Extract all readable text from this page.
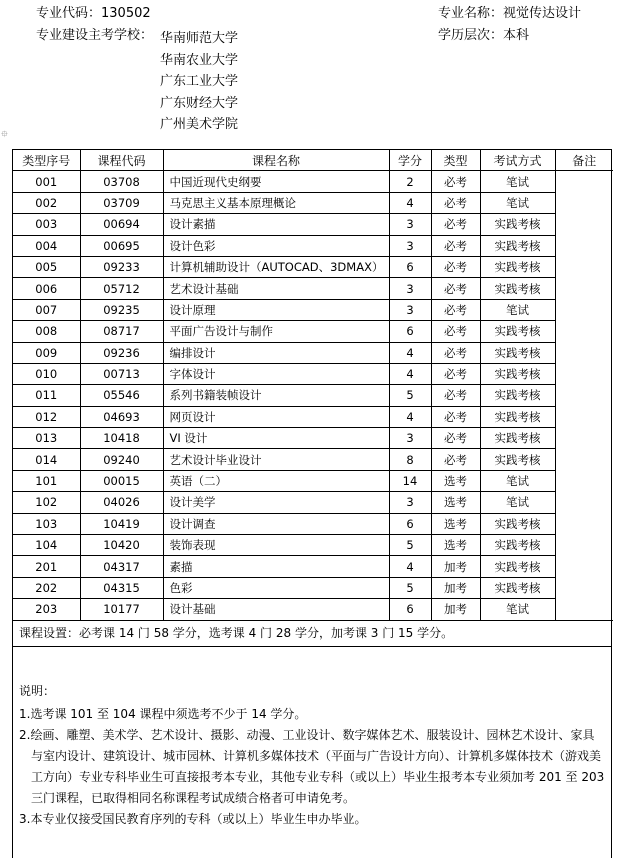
专业代码：130502	专业名称：视觉传达设计
专业建设主考学校：	学历层次：本科
华南师范大学
华南农业大学
广东工业大学
广东财经大学
广州美术学院
⯐
类型序号	课程代码	课程名称	学分	类型	考试方式	备注
001	03708	中国近现代史纲要	2	必考	笔试	
002	03709	马克思主义基本原理概论	4	必考	笔试	
003	00694	设计素描	3	必考	实践考核	
004	00695	设计色彩	3	必考	实践考核	
005	09233	计算机辅助设计（AUTOCAD、3DMAX）	6	必考	实践考核	
006	05712	艺术设计基础	3	必考	实践考核	
007	09235	设计原理	3	必考	笔试	
008	08717	平面广告设计与制作	6	必考	实践考核	
009	09236	编排设计	4	必考	实践考核	
010	00713	字体设计	4	必考	实践考核	
011	05546	系列书籍装帧设计	5	必考	实践考核	
012	04693	网页设计	4	必考	实践考核	
013	10418	VI 设计	3	必考	实践考核	
014	09240	艺术设计毕业设计	8	必考	实践考核	
101	00015	英语（二）	14	选考	笔试	
102	04026	设计美学	3	选考	笔试	
103	10419	设计调查	6	选考	实践考核	
104	10420	装饰表现	5	选考	实践考核	
201	04317	素描	4	加考	实践考核	
202	04315	色彩	5	加考	实践考核	
203	10177	设计基础	6	加考	笔试	
课程设置：必考课 14 门 58 学分，选考课 4 门 28 学分，加考课 3 门 15 学分。
说明：
1.选考课 101 至 104 课程中须选考不少于 14 学分。
2.绘画、雕塑、美术学、艺术设计、摄影、动漫、工业设计、数字媒体艺术、服装设计、园林艺术设计、家具与室内设计、建筑设计、城市园林、计算机多媒体技术（平面与广告设计方向）、计算机多媒体技术（游戏美工方向）专业专科毕业生可直接报考本专业，其他专业专科（或以上）毕业生报考本专业须加考 201 至 203 三门课程，已取得相同名称课程考试成绩合格者可申请免考。
3.本专业仅接受国民教育序列的专科（或以上）毕业生申办毕业。
